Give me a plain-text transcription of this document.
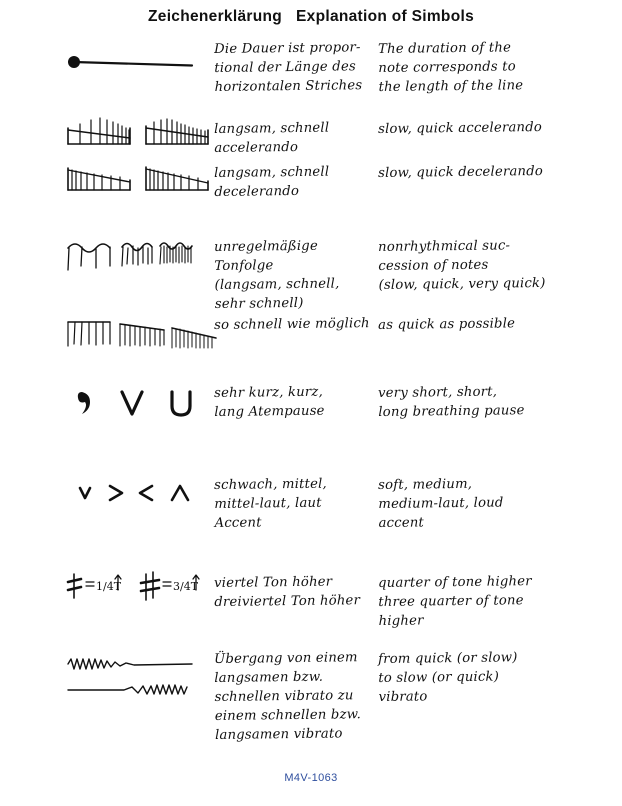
Zeichenerklärung Explanation of Simbols
Die Dauer ist propor-
tional der Länge des
horizontalen Striches
The duration of the
note corresponds to
the length of the line
langsam, schnell
accelerando
slow, quick accelerando
langsam, schnell
decelerando
slow, quick decelerando
unregelmäßige Tonfolge
(langsam, schnell,
sehr schnell)
nonrhythmical suc-
cession of notes
(slow, quick, very quick)
so schnell wie möglich as quick as possible
sehr kurz, kurz,
lang Atempause
very short, short,
long breathing pause
schwach, mittel,
mittel-laut, laut
Accent
soft, medium,
medium-laut, loud
accent
1/4T	3/4T viertel Ton höher
dreiviertel Ton höher
quarter of tone higher
three quarter of tone
higher
Übergang von einem
langsamen bzw.
schnellen vibrato zu
einem schnellen bzw.
langsamen vibrato
from quick (or slow)
to slow (or quick)
vibrato
M4V-1063
